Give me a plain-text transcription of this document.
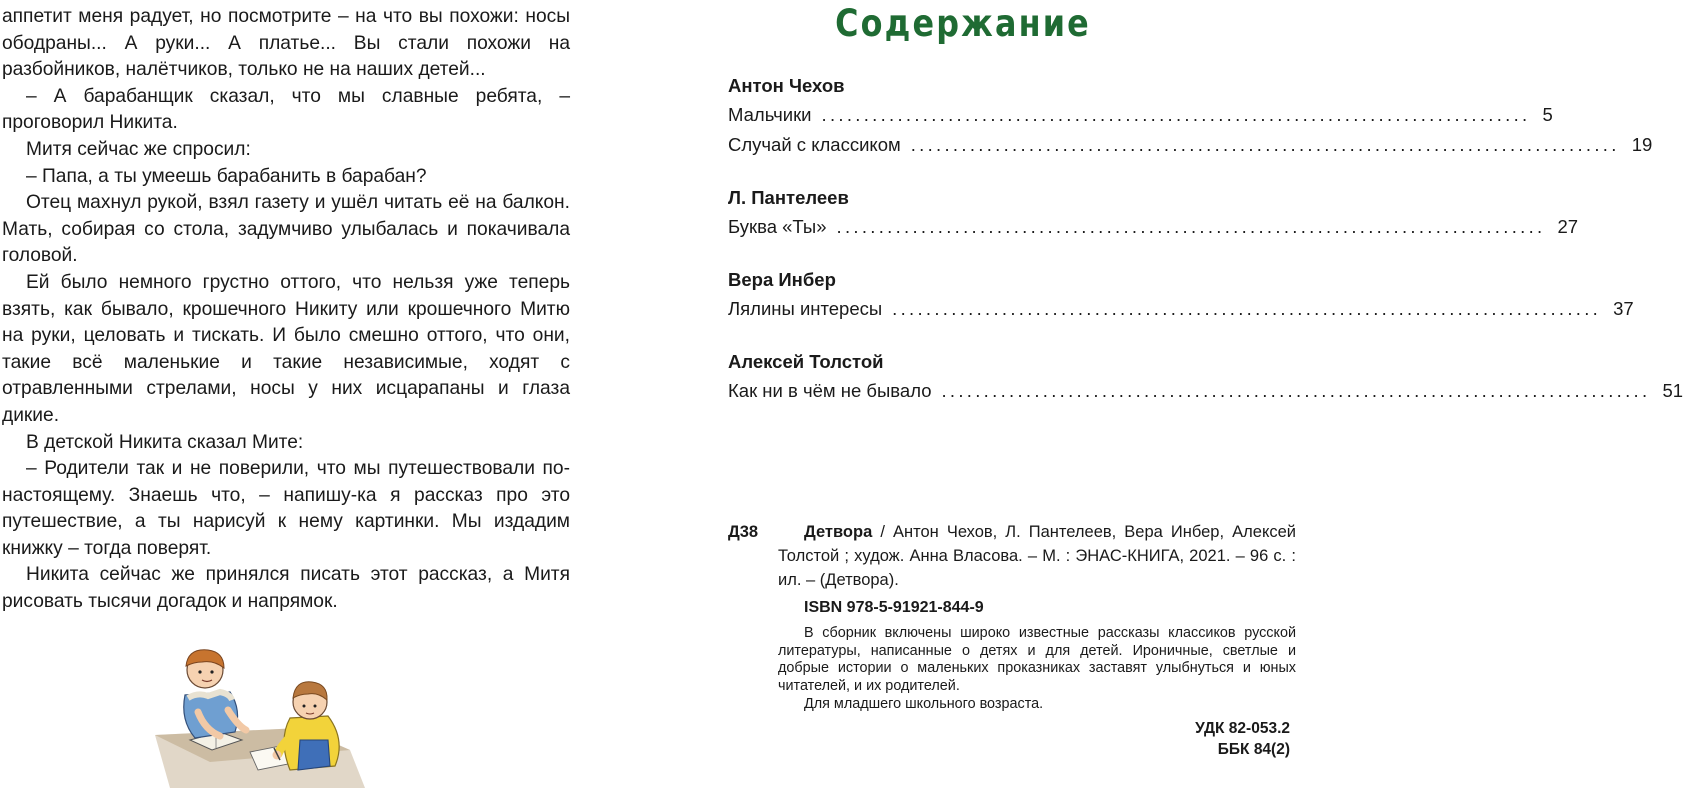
аппетит меня радует, но посмотрите – на что вы похожи: носы ободраны... А руки... А платье... Вы стали похожи на разбойников, налётчиков, только не на наших детей...

– А барабанщик сказал, что мы славные ребята, – проговорил Никита.

Митя сейчас же спросил:

– Папа, а ты умеешь барабанить в барабан?

Отец махнул рукой, взял газету и ушёл читать её на балкон. Мать, собирая со стола, задумчиво улыбалась и покачивала головой.

Ей было немного грустно оттого, что нельзя уже теперь взять, как бывало, крошечного Никиту или крошечного Митю на руки, целовать и тискать. И было смешно оттого, что они, такие всё маленькие и такие независимые, ходят с отравленными стрелами, носы у них исцарапаны и глаза дикие.

В детской Никита сказал Мите:

– Родители так и не поверили, что мы путешествовали по-настоящему. Знаешь что, – напишу-ка я рассказ про это путешествие, а ты нарисуй к нему картинки. Мы издадим книжку – тогда поверят.

Никита сейчас же принялся писать этот рассказ, а Митя рисовать тысячи догадок и напрямок.

Содержание
Антон Чехов
Мальчики .................................................................................... 5
Случай с классиком .................................................................................... 19
Л. Пантелеев
Буква «Ты» .................................................................................... 27
Вера Инбер
Лялины интересы .................................................................................... 37
Алексей Толстой
Как ни в чём не бывало .................................................................................... 51
Д38	Детвора / Антон Чехов, Л. Пантелеев, Вера Инбер, Алексей Толстой ; худож. Анна Власова. – М. : ЭНАС-КНИГА, 2021. – 96 с. : ил. – (Детвора).
ISBN 978-5-91921-844-9

В сборник включены широко известные рассказы классиков русской литературы, написанные о детях и для детей. Ироничные, светлые и добрые истории о маленьких проказниках заставят улыбнуться и юных читателей, и их родителей.

Для младшего школьного возраста.

УДК 82-053.2
ББК 84(2)
